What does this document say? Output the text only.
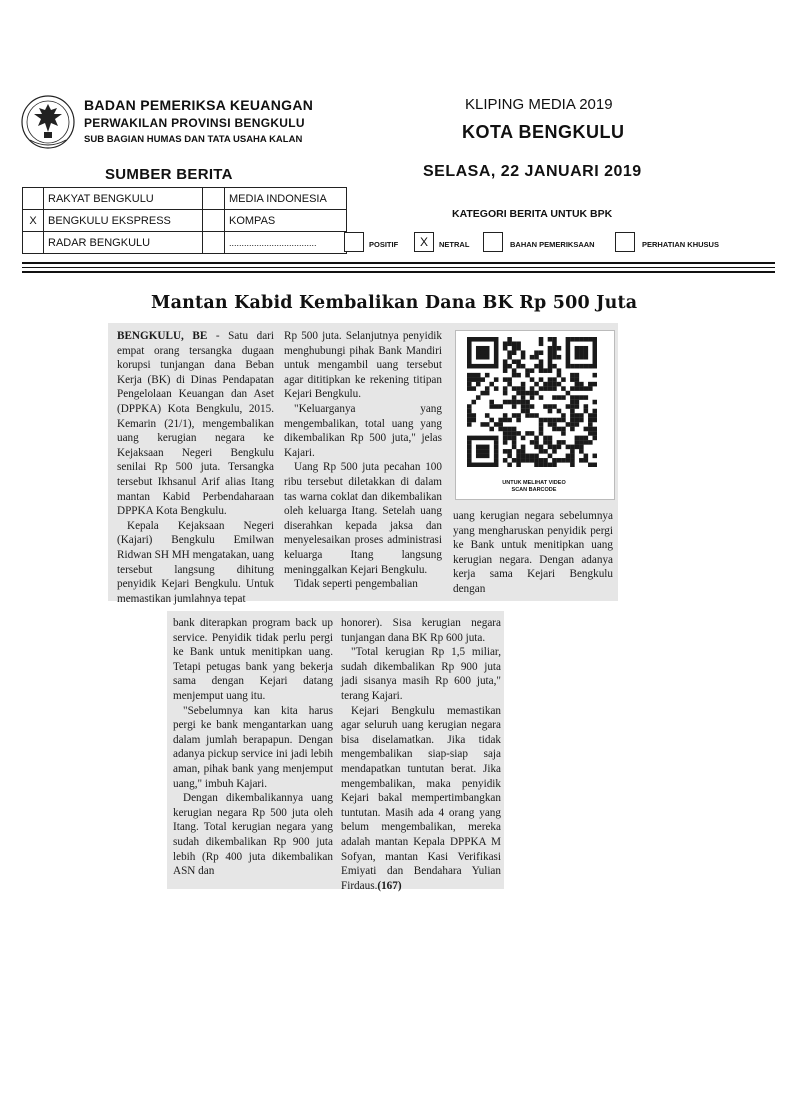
BADAN PEMERIKSA KEUANGAN
PERWAKILAN PROVINSI BENGKULU
SUB BAGIAN HUMAS DAN TATA USAHA KALAN
KLIPING MEDIA 2019
KOTA BENGKULU
SUMBER BERITA	SELASA, 22 JANUARI 2019
	RAKYAT BENGKULU		MEDIA INDONESIA
X	BENGKULU EKSPRESS		KOMPAS
	RADAR BENGKULU		...................................
KATEGORI BERITA UNTUK BPK
POSITIF	X	NETRAL	BAHAN PEMERIKSAAN	PERHATIAN KHUSUS
Mantan Kabid Kembalikan Dana BK Rp 500 Juta

BENGKULU, BE - Satu dari empat orang tersangka dugaan korupsi tunjangan dana Beban Kerja (BK) di Dinas Pendapatan Pengelolaan Keuangan dan Aset (DPPKA) Kota Bengkulu, 2015. Kemarin (21/1), mengembalikan uang kerugian negara ke Kejaksaan Negeri Bengkulu senilai Rp 500 juta. Tersangka tersebut Ikhsanul Arif alias Itang mantan Kabid Perbendaharaan DPPKA Kota Bengkulu.

Kepala Kejaksaan Negeri (Kajari) Bengkulu Emilwan Ridwan SH MH mengatakan, uang tersebut langsung dihitung penyidik Kejari Bengkulu. Untuk memastikan jumlahnya tepat

Rp 500 juta. Selanjutnya penyidik menghubungi pihak Bank Mandiri untuk mengambil uang tersebut agar dititipkan ke rekening titipan Kejari Bengkulu.

"Keluarganya yang mengembalikan, total uang yang dikembalikan Rp 500 juta," jelas Kajari.

Uang Rp 500 juta pecahan 100 ribu tersebut diletakkan di dalam tas warna coklat dan dikembalikan oleh keluarga Itang. Setelah uang diserahkan kepada jaksa dan menyelesaikan proses administrasi keluarga Itang langsung meninggalkan Kejari Bengkulu.

Tidak seperti pengembalian

UNTUK MELIHAT VIDEO
SCAN BARCODE

uang kerugian negara sebelumnya yang mengharuskan penyidik pergi ke Bank untuk menitipkan uang kerugian negara. Dengan adanya kerja sama Kejari Bengkulu dengan

bank diterapkan program back up service. Penyidik tidak perlu pergi ke Bank untuk menitipkan uang. Tetapi petugas bank yang bekerja sama dengan Kejari datang menjemput uang itu.

"Sebelumnya kan kita harus pergi ke bank mengantarkan uang dalam jumlah berapapun. Dengan adanya pickup service ini jadi lebih aman, pihak bank yang menjemput uang," imbuh Kajari.

Dengan dikembalikannya uang kerugian negara Rp 500 juta oleh Itang. Total kerugian negara yang sudah dikembalikan Rp 900 juta lebih (Rp 400 juta dikembalikan ASN dan

honorer). Sisa kerugian negara tunjangan dana BK Rp 600 juta.

"Total kerugian Rp 1,5 miliar, sudah dikembalikan Rp 900 juta jadi sisanya masih Rp 600 juta," terang Kajari.

Kejari Bengkulu memastikan agar seluruh uang kerugian negara bisa diselamatkan. Jika tidak mengembalikan siap-siap saja mendapatkan tuntutan berat. Jika mengembalikan, maka penyidik Kejari bakal mempertimbangkan tuntutan. Masih ada 4 orang yang belum mengembalikan, mereka adalah mantan Kepala DPPKA M Sofyan, mantan Kasi Verifikasi Emiyati dan Bendahara Yulian Firdaus.(167)
